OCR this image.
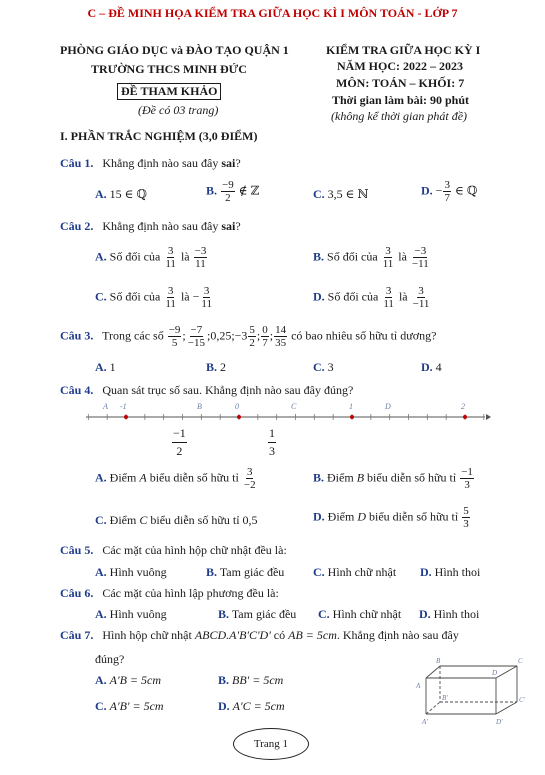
C – ĐỀ MINH HỌA KIỂM TRA GIỮA HỌC KÌ I MÔN TOÁN - LỚP 7
PHÒNG GIÁO DỤC và ĐÀO TẠO QUẬN 1
TRƯỜNG THCS MINH ĐỨC
ĐỀ THAM KHẢO
(Đề có 03 trang)
KIỂM TRA GIỮA HỌC KỲ I
NĂM HỌC: 2022 – 2023
MÔN: TOÁN – KHỐI: 7
Thời gian làm bài: 90 phút
(không kể thời gian phát đề)
I. PHẦN TRẮC NGHIỆM (3,0 ĐIỂM)
Câu 1. Khẳng định nào sau đây sai?
A. 15 ∈ ℚ	B. $\frac{-9}{2}$ ∉ ℤ	C. 3,5 ∈ ℕ	D. − $\frac{3}{7}$ ∈ ℚ
Câu 2. Khẳng định nào sau đây sai?
A. Số đối của $\frac{3}{11}$ là $\frac{-3}{11}$	B. Số đối của $\frac{3}{11}$ là $\frac{-3}{-11}$
C. Số đối của $\frac{3}{11}$ là − $\frac{3}{11}$	D. Số đối của $\frac{3}{11}$ là $\frac{3}{-11}$
Câu 3. Trong các số $\frac{-9}{5}$ ; $\frac{-7}{-15}$ ;0,25;−3 $\frac{5}{2}$ ; $\frac{0}{7}$ ; $\frac{14}{35}$ có bao nhiêu số hữu tỉ dương?
A. 1	B. 2	C. 3	D. 4
Câu 4. Quan sát trục số sau. Khẳng định nào sau đây đúng?
A -1	B	0	C	1	D	2
$\frac{-1}{2}$	$\frac{1}{3}$
A. Điểm A biểu diễn số hữu tỉ $\frac{3}{-2}$	B. Điểm B biểu diễn số hữu tỉ $\frac{-1}{3}$
C. Điểm C biểu diễn số hữu tỉ 0,5	D. Điểm D biểu diễn số hữu tỉ $\frac{5}{3}$
Câu 5. Các mặt của hình hộp chữ nhật đều là:
A. Hình vuông	B. Tam giác đều C. Hình chữ nhật D. Hình thoi
Câu 6. Các mặt của hình lập phương đều là:
A. Hình vuông	B. Tam giác đều C. Hình chữ nhật D. Hình thoi
Câu 7. Hình hộp chữ nhật ABCD.A'B'C'D' có AB = 5cm. Khẳng định nào sau đây
đúng?
A. A'B = 5cm	B. BB' = 5cm
C. A'B' = 5cm	D. A'C = 5cm
B	C
A
D
B'	C'
A'	D'
Trang 1
